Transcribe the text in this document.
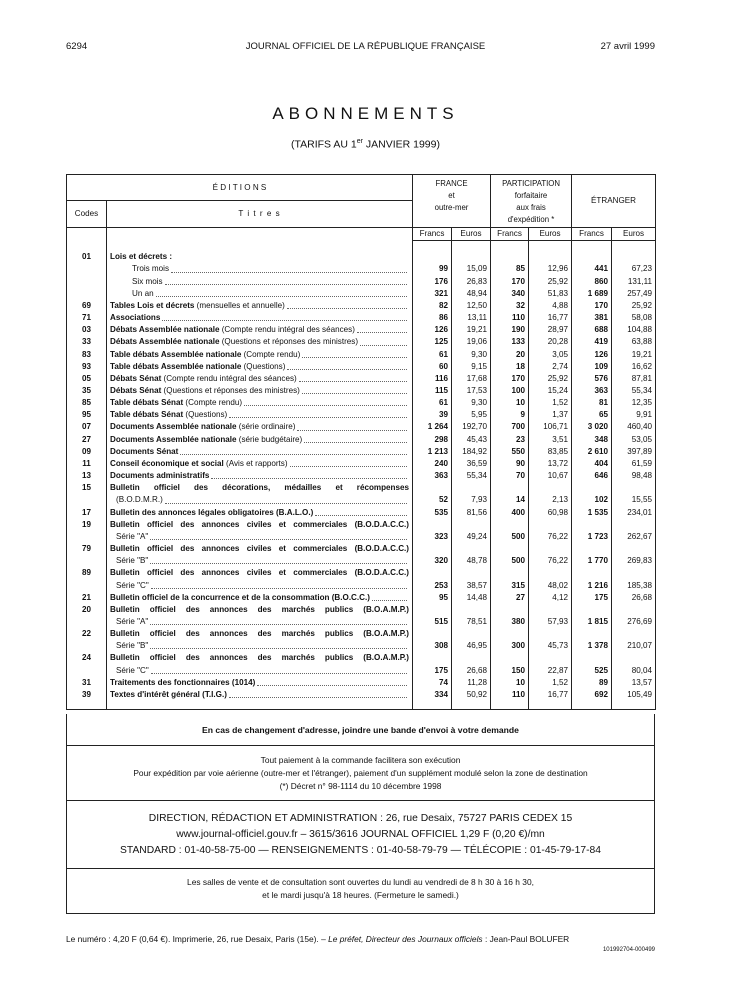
6294	JOURNAL OFFICIEL DE LA RÉPUBLIQUE FRANÇAISE	27 avril 1999
ABONNEMENTS
(TARIFS AU 1er JANVIER 1999)
É D I T I O N S		FRANCE
et
outre-mer		PARTICIPATION
forfaitaire
aux frais
d'expédition *		ÉTRANGER	
Codes	T i t r e s						
		Francs	Euros	Francs	Euros	Francs	Euros

01	Lois et décrets :						

	Trois mois	99	15,09	85	12,96	441	67,23

	Six mois	176	26,83	170	25,92	860	131,11

	Un an	321	48,94	340	51,83	1 689	257,49
69	Tables Lois et décrets (mensuelles et annuelle)	82	12,50	32	4,88	170	25,92
71	Associations	86	13,11	110	16,77	381	58,08
03	Débats Assemblée nationale (Compte rendu intégral des séances)	126	19,21	190	28,97	688	104,88
33	Débats Assemblée nationale (Questions et réponses des ministres)	125	19,06	133	20,28	419	63,88
83	Table débats Assemblée nationale (Compte rendu)	61	9,30	20	3,05	126	19,21
93	Table débats Assemblée nationale (Questions)	60	9,15	18	2,74	109	16,62
05	Débats Sénat (Compte rendu intégral des séances)	116	17,68	170	25,92	576	87,81
35	Débats Sénat (Questions et réponses des ministres)	115	17,53	100	15,24	363	55,34
85	Table débats Sénat (Compte rendu)	61	9,30	10	1,52	81	12,35
95	Table débats Sénat (Questions)	39	5,95	9	1,37	65	9,91
07	Documents Assemblée nationale (série ordinaire)	1 264	192,70	700	106,71	3 020	460,40
27	Documents Assemblée nationale (série budgétaire)	298	45,43	23	3,51	348	53,05
09	Documents Sénat	1 213	184,92	550	83,85	2 610	397,89
11	Conseil économique et social (Avis et rapports)	240	36,59	90	13,72	404	61,59
13	Documents administratifs	363	55,34	70	10,67	646	98,48
15	Bulletin officiel des décorations, médailles et récompenses						

	(B.O.D.M.R.)	52	7,93	14	2,13	102	15,55
17	Bulletin des annonces légales obligatoires (B.A.L.O.)	535	81,56	400	60,98	1 535	234,01
19	Bulletin officiel des annonces civiles et commerciales (B.O.D.A.C.C.)						

	Série "A"	323	49,24	500	76,22	1 723	262,67
79	Bulletin officiel des annonces civiles et commerciales (B.O.D.A.C.C.)						

	Série "B"	320	48,78	500	76,22	1 770	269,83
89	Bulletin officiel des annonces civiles et commerciales (B.O.D.A.C.C.)						

	Série "C"	253	38,57	315	48,02	1 216	185,38
21	Bulletin officiel de la concurrence et de la consommation (B.O.C.C.)	95	14,48	27	4,12	175	26,68
20	Bulletin officiel des annonces des marchés publics (B.O.A.M.P.)						

	Série "A"	515	78,51	380	57,93	1 815	276,69
22	Bulletin officiel des annonces des marchés publics (B.O.A.M.P.)						

	Série "B"	308	46,95	300	45,73	1 378	210,07
24	Bulletin officiel des annonces des marchés publics (B.O.A.M.P.)						

	Série "C"	175	26,68	150	22,87	525	80,04
31	Traitements des fonctionnaires (1014)	74	11,28	10	1,52	89	13,57
39	Textes d'intérêt général (T.I.G.)	334	50,92	110	16,77	692	105,49

En cas de changement d'adresse, joindre une bande d'envoi à votre demande
Tout paiement à la commande facilitera son exécution
Pour expédition par voie aérienne (outre-mer et l'étranger), paiement d'un supplément modulé selon la zone de destination
(*) Décret n° 98-1114 du 10 décembre 1998
DIRECTION, RÉDACTION ET ADMINISTRATION : 26, rue Desaix, 75727 PARIS CEDEX 15
www.journal-officiel.gouv.fr – 3615/3616 JOURNAL OFFICIEL 1,29 F (0,20 €)/mn
STANDARD : 01-40-58-75-00 — RENSEIGNEMENTS : 01-40-58-79-79 — TÉLÉCOPIE : 01-45-79-17-84
Les salles de vente et de consultation sont ouvertes du lundi au vendredi de 8 h 30 à 16 h 30,
et le mardi jusqu'à 18 heures. (Fermeture le samedi.)
Le numéro : 4,20 F (0,64 €). Imprimerie, 26, rue Desaix, Paris (15e). – Le préfet, Directeur des Journaux officiels : Jean-Paul BOLUFER
101992704-000499
